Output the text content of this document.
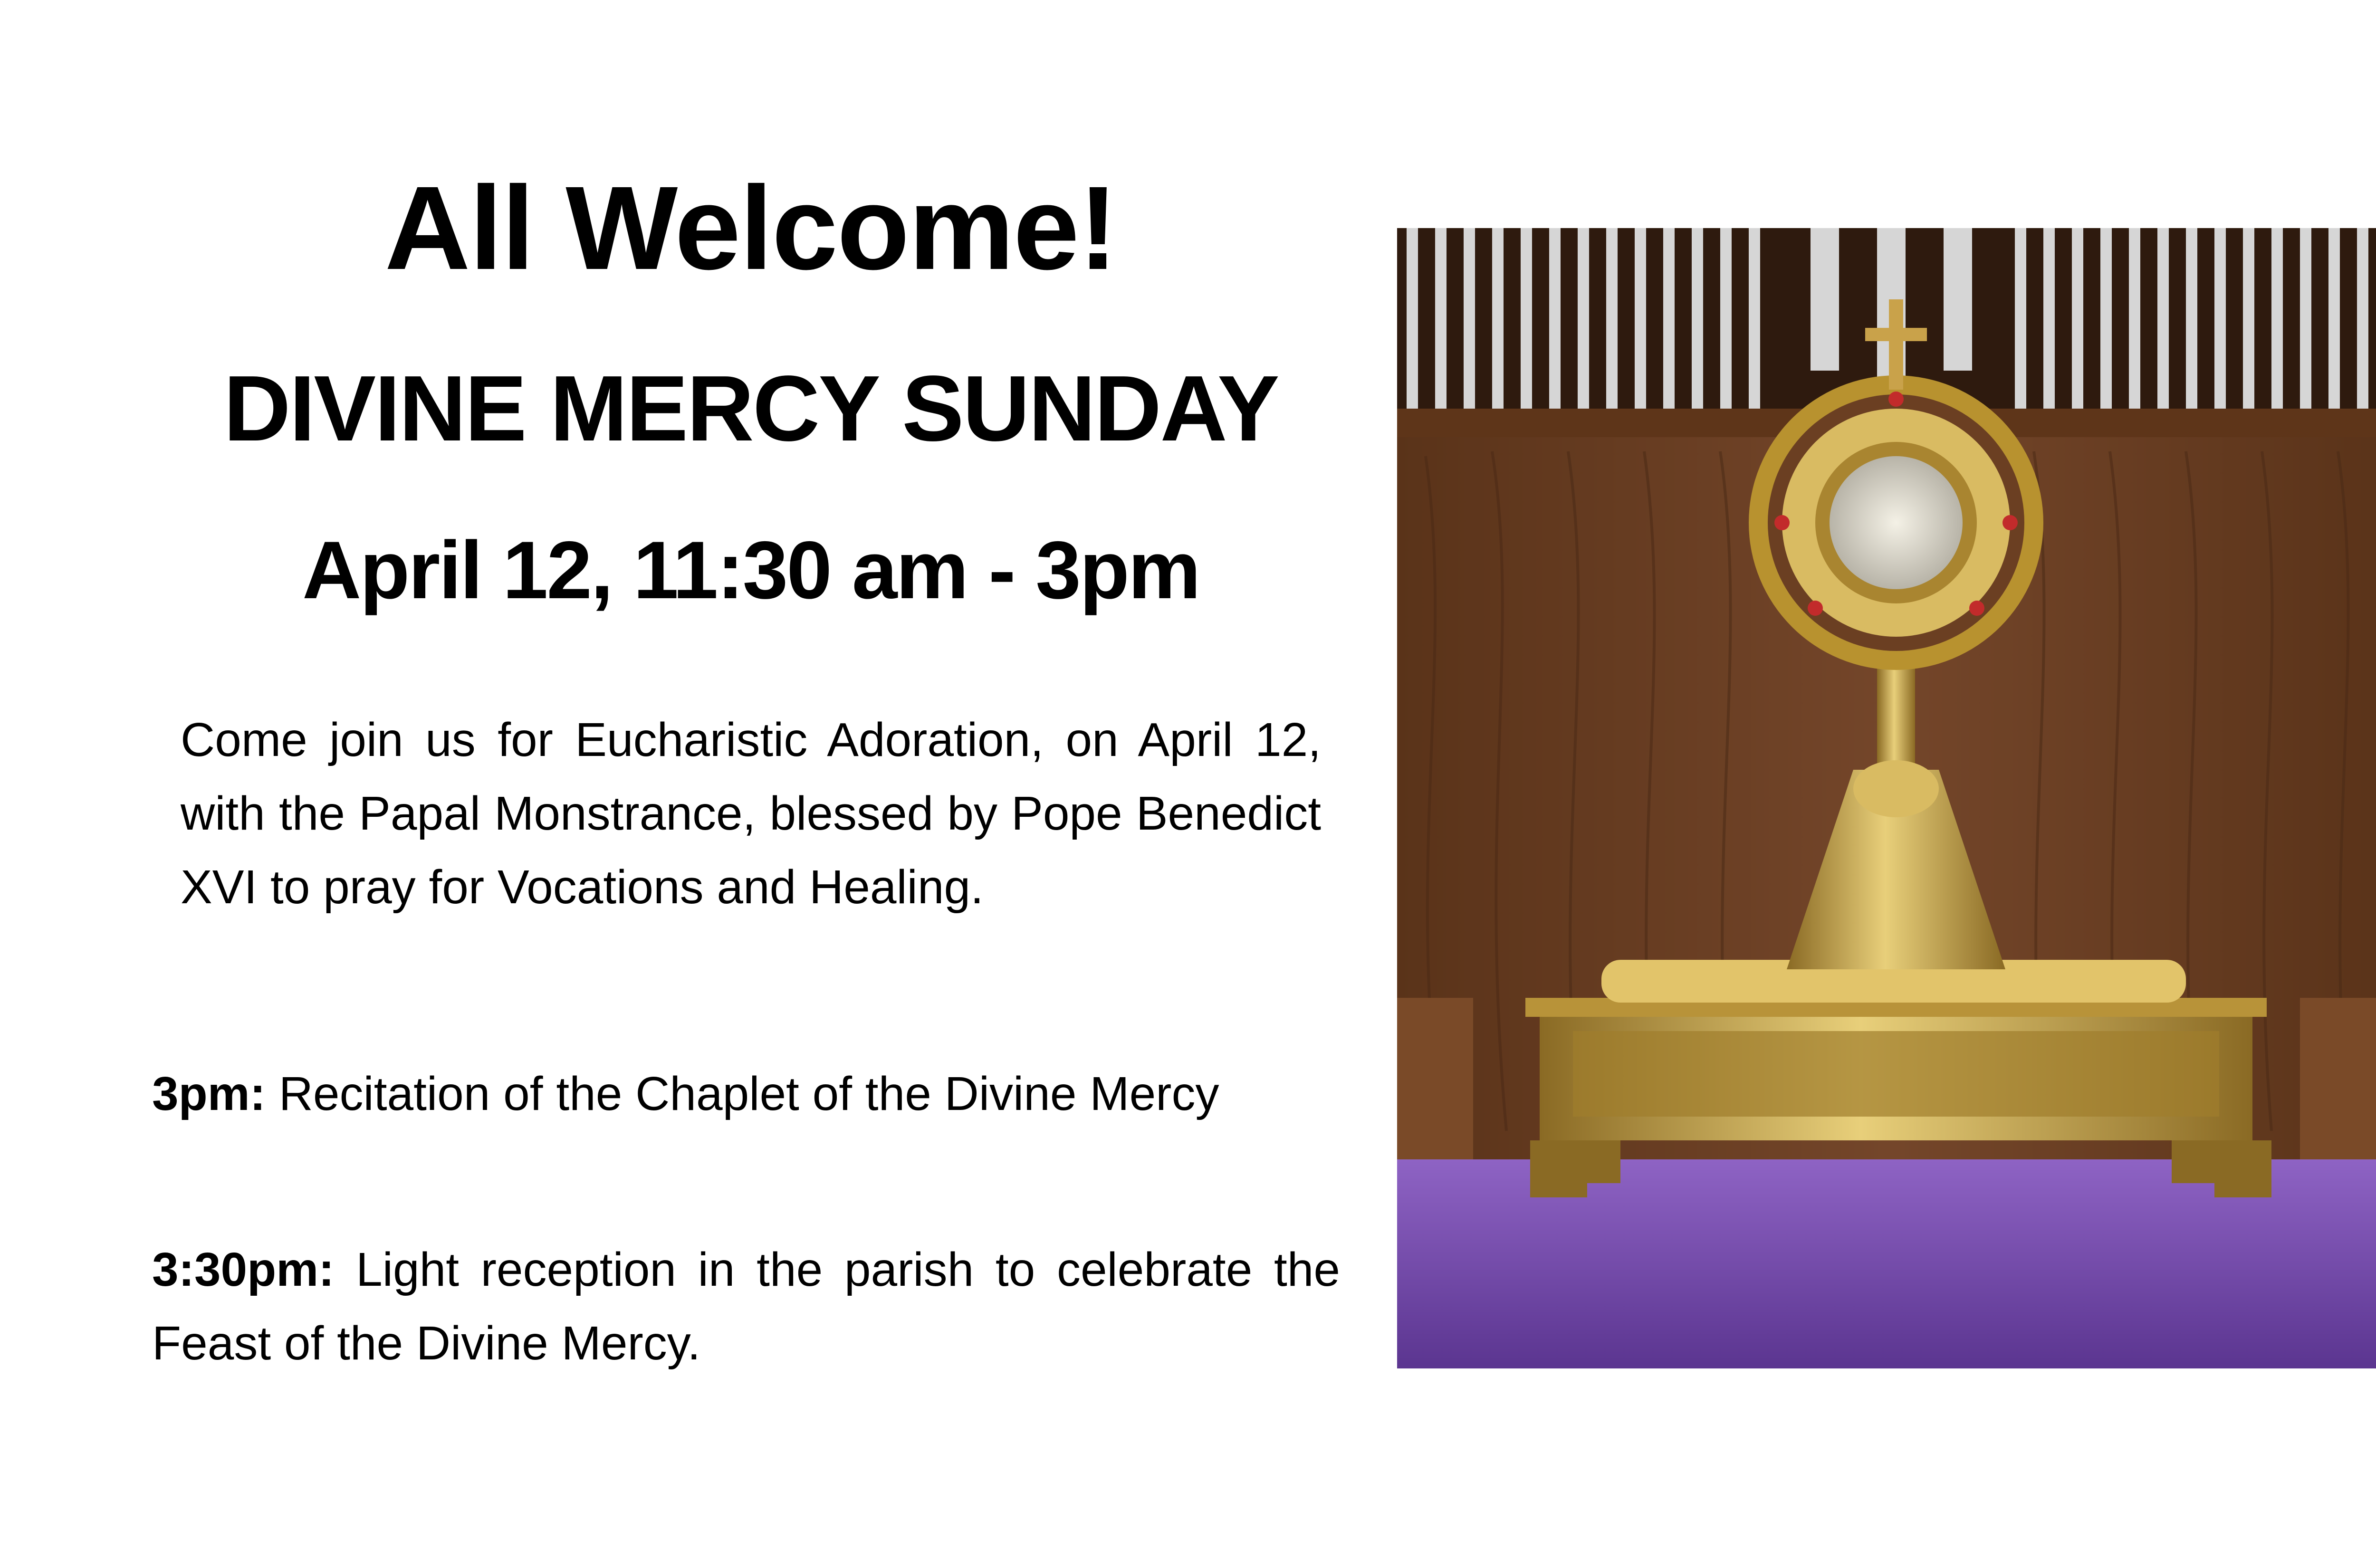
All Welcome!
DIVINE MERCY SUNDAY
April 12, 11:30 am - 3pm

Come join us for Eucharistic Adoration, on April 12, with the Papal Monstrance, blessed by Pope Benedict XVI to pray for Vocations and Healing.

3pm: Recitation of the Chaplet of the Divine Mercy

3:30pm: Light reception in the parish to celebrate the Feast of the Divine Mercy.
